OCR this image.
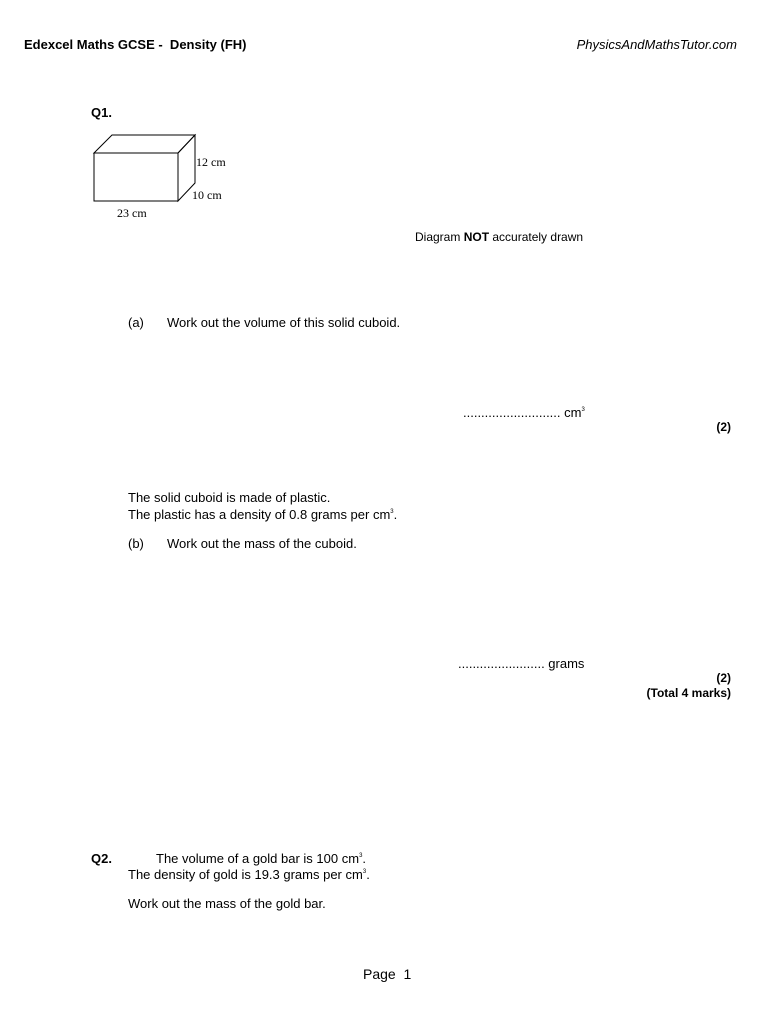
Edexcel Maths GCSE -  Density (FH)	PhysicsAndMathsTutor.com
Q1.
12 cm
10 cm
23 cm
Diagram NOT accurately drawn
(a) Work out the volume of this solid cuboid.
........................... $cm^3$
(2)
The solid cuboid is made of plastic.
The plastic has a density of 0.8 grams per $cm^3$.
(b) Work out the mass of the cuboid.
........................ grams
(2)
(Total 4 marks)
Q2.	The volume of a gold bar is 100 $cm^3$.
The density of gold is 19.3 grams per $cm^3$.
Work out the mass of the gold bar.
Page  1
